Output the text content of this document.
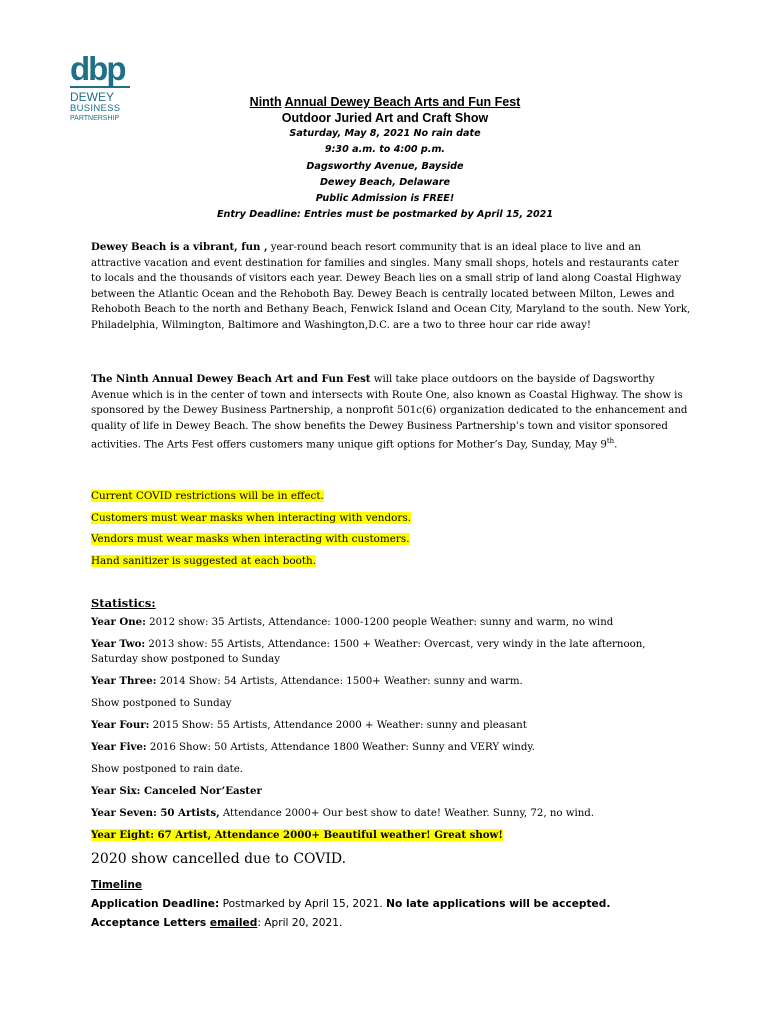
dbp
DEWEY
BUSINESS
PARTNERSHIP
Ninth Annual Dewey Beach Arts and Fun Fest
Outdoor Juried Art and Craft Show
Saturday, May 8, 2021 No rain date
9:30 a.m. to 4:00 p.m.
Dagsworthy Avenue, Bayside
Dewey Beach, Delaware
Public Admission is FREE!
Entry Deadline: Entries must be postmarked by April 15, 2021
Dewey Beach is a vibrant, fun , year-round beach resort community that is an ideal place to live and an attractive vacation and event destination for families and singles. Many small shops, hotels and restaurants cater to locals and the thousands of visitors each year. Dewey Beach lies on a small strip of land along Coastal Highway between the Atlantic Ocean and the Rehoboth Bay. Dewey Beach is centrally located between Milton, Lewes and Rehoboth Beach to the north and Bethany Beach, Fenwick Island and Ocean City, Maryland to the south. New York, Philadelphia, Wilmington, Baltimore and Washington,D.C. are a two to three hour car ride away!
The Ninth Annual Dewey Beach Art and Fun Fest will take place outdoors on the bayside of Dagsworthy Avenue which is in the center of town and intersects with Route One, also known as Coastal Highway. The show is sponsored by the Dewey Business Partnership, a nonprofit 501c(6) organization dedicated to the enhancement and quality of life in Dewey Beach. The show benefits the Dewey Business Partnership’s town and visitor sponsored activities. The Arts Fest offers customers many unique gift options for Mother’s Day, Sunday, May 9th.
Current COVID restrictions will be in effect.
Customers must wear masks when interacting with vendors.
Vendors must wear masks when interacting with customers.
Hand sanitizer is suggested at each booth.
Statistics:
Year One: 2012 show: 35 Artists, Attendance: 1000-1200 people Weather: sunny and warm, no wind
Year Two: 2013 show: 55 Artists, Attendance: 1500 + Weather: Overcast, very windy in the late afternoon, Saturday show postponed to Sunday
Year Three: 2014 Show: 54 Artists, Attendance: 1500+ Weather: sunny and warm.
Show postponed to Sunday
Year Four: 2015 Show: 55 Artists, Attendance 2000 + Weather: sunny and pleasant
Year Five: 2016 Show: 50 Artists, Attendance 1800 Weather: Sunny and VERY windy.
Show postponed to rain date.
Year Six: Canceled Nor’Easter
Year Seven: 50 Artists, Attendance 2000+ Our best show to date! Weather. Sunny, 72, no wind.
Year Eight: 67 Artist, Attendance 2000+ Beautiful weather! Great show!
2020 show cancelled due to COVID.
Timeline
Application Deadline: Postmarked by April 15, 2021. No late applications will be accepted.
Acceptance Letters emailed: April 20, 2021.
